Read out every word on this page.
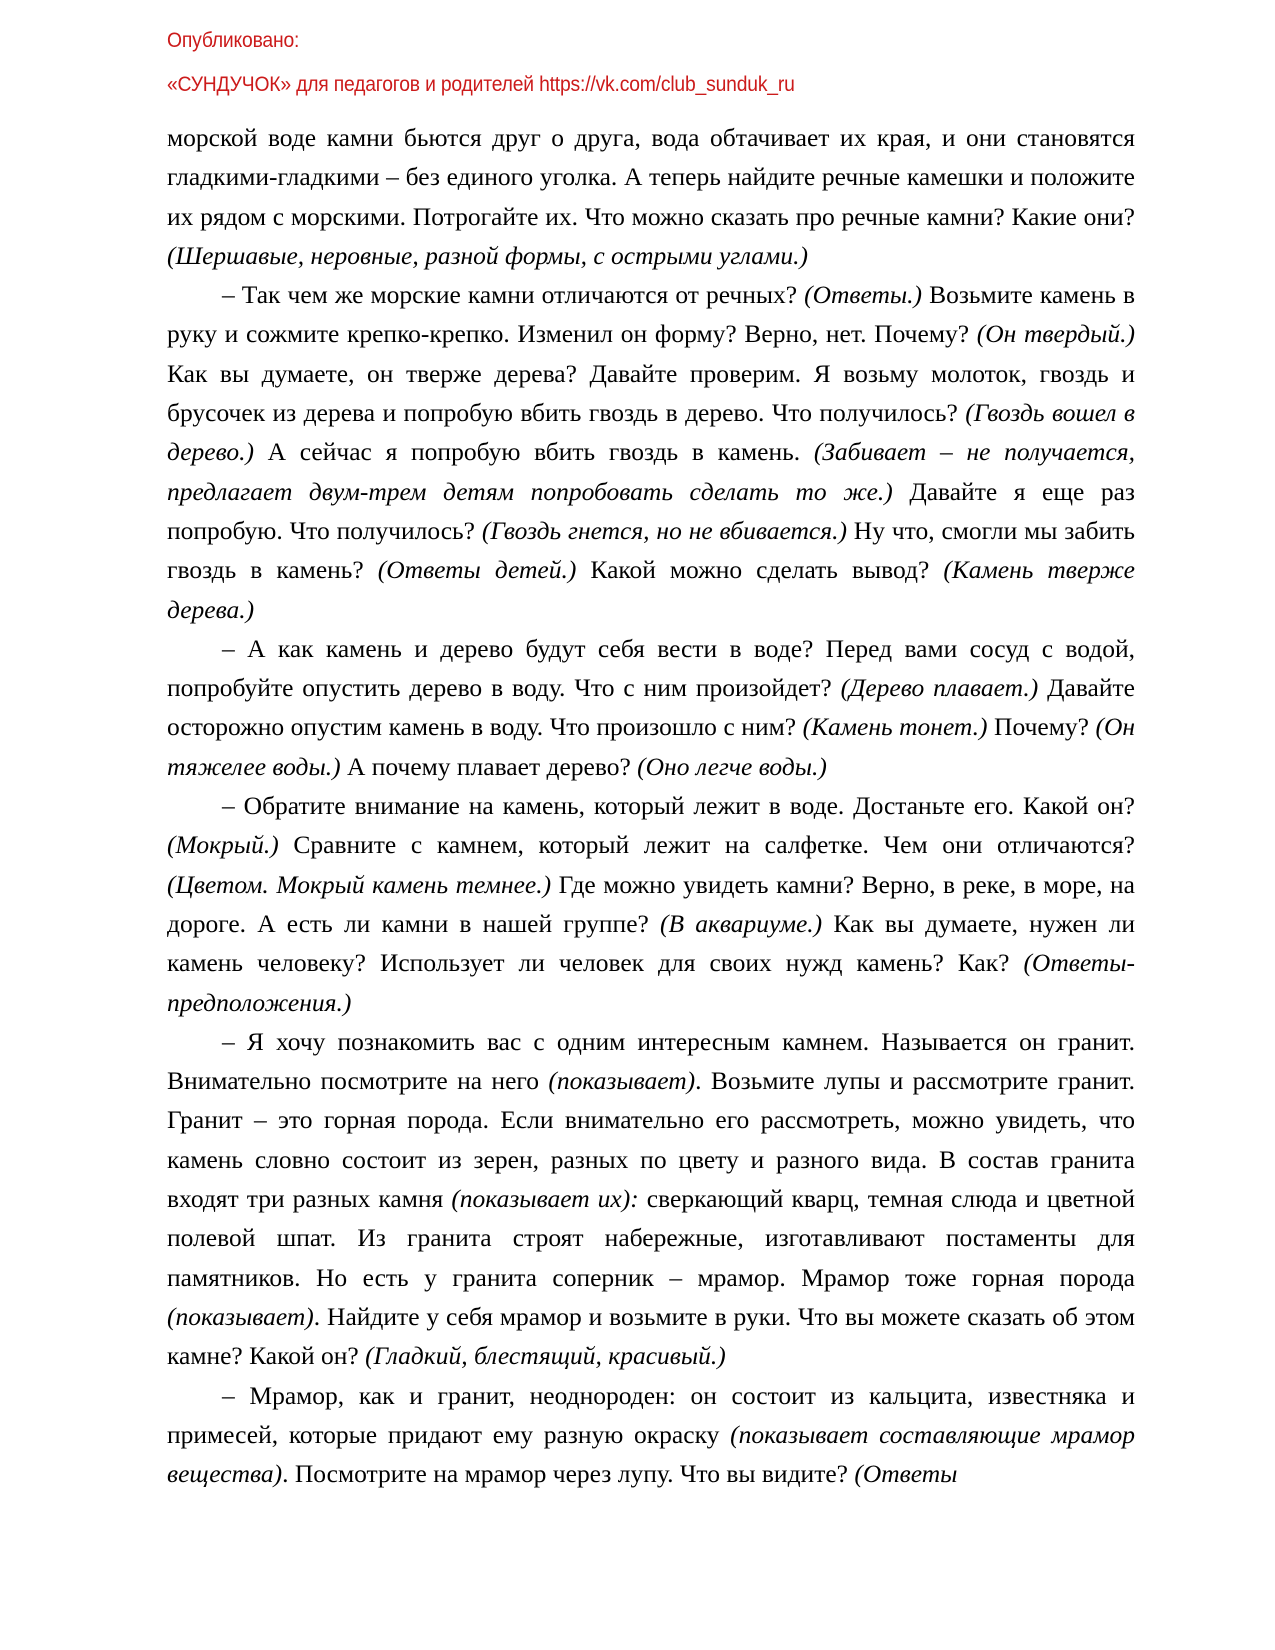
Опубликовано:
«СУНДУЧОК» для педагогов и родителей https://vk.com/club_sunduk_ru

морской воде камни бьются друг о друга, вода обтачивает их края, и они становятся гладкими-гладкими – без единого уголка. А теперь найдите речные камешки и положите их рядом с морскими. Потрогайте их. Что можно сказать про речные камни? Какие они? (Шершавые, неровные, разной формы, с острыми углами.)

– Так чем же морские камни отличаются от речных? (Ответы.) Возьмите камень в руку и сожмите крепко-крепко. Изменил он форму? Верно, нет. Почему? (Он твердый.) Как вы думаете, он тверже дерева? Давайте проверим. Я возьму молоток, гвоздь и брусочек из дерева и попробую вбить гвоздь в дерево. Что получилось? (Гвоздь вошел в дерево.) А сейчас я попробую вбить гвоздь в камень. (Забивает – не получается, предлагает двум-трем детям попробовать сделать то же.) Давайте я еще раз попробую. Что получилось? (Гвоздь гнется, но не вбивается.) Ну что, смогли мы забить гвоздь в камень? (Ответы детей.) Какой можно сделать вывод? (Камень тверже дерева.)

– А как камень и дерево будут себя вести в воде? Перед вами сосуд с водой, попробуйте опустить дерево в воду. Что с ним произойдет? (Дерево плавает.) Давайте осторожно опустим камень в воду. Что произошло с ним? (Камень тонет.) Почему? (Он тяжелее воды.) А почему плавает дерево? (Оно легче воды.)

– Обратите внимание на камень, который лежит в воде. Достаньте его. Какой он? (Мокрый.) Сравните с камнем, который лежит на салфетке. Чем они отличаются? (Цветом. Мокрый камень темнее.) Где можно увидеть камни? Верно, в реке, в море, на дороге. А есть ли камни в нашей группе? (В аквариуме.) Как вы думаете, нужен ли камень человеку? Использует ли человек для своих нужд камень? Как? (Ответы-предположения.)

– Я хочу познакомить вас с одним интересным камнем. Называется он гранит. Внимательно посмотрите на него (показывает). Возьмите лупы и рассмотрите гранит. Гранит – это горная порода. Если внимательно его рассмотреть, можно увидеть, что камень словно состоит из зерен, разных по цвету и разного вида. В состав гранита входят три разных камня (показывает их): сверкающий кварц, темная слюда и цветной полевой шпат. Из гранита строят набережные, изготавливают постаменты для памятников. Но есть у гранита соперник – мрамор. Мрамор тоже горная порода (показывает). Найдите у себя мрамор и возьмите в руки. Что вы можете сказать об этом камне? Какой он? (Гладкий, блестящий, красивый.)

– Мрамор, как и гранит, неоднороден: он состоит из кальцита, известняка и примесей, которые придают ему разную окраску (показывает составляющие мрамор вещества). Посмотрите на мрамор через лупу. Что вы видите? (Ответы
